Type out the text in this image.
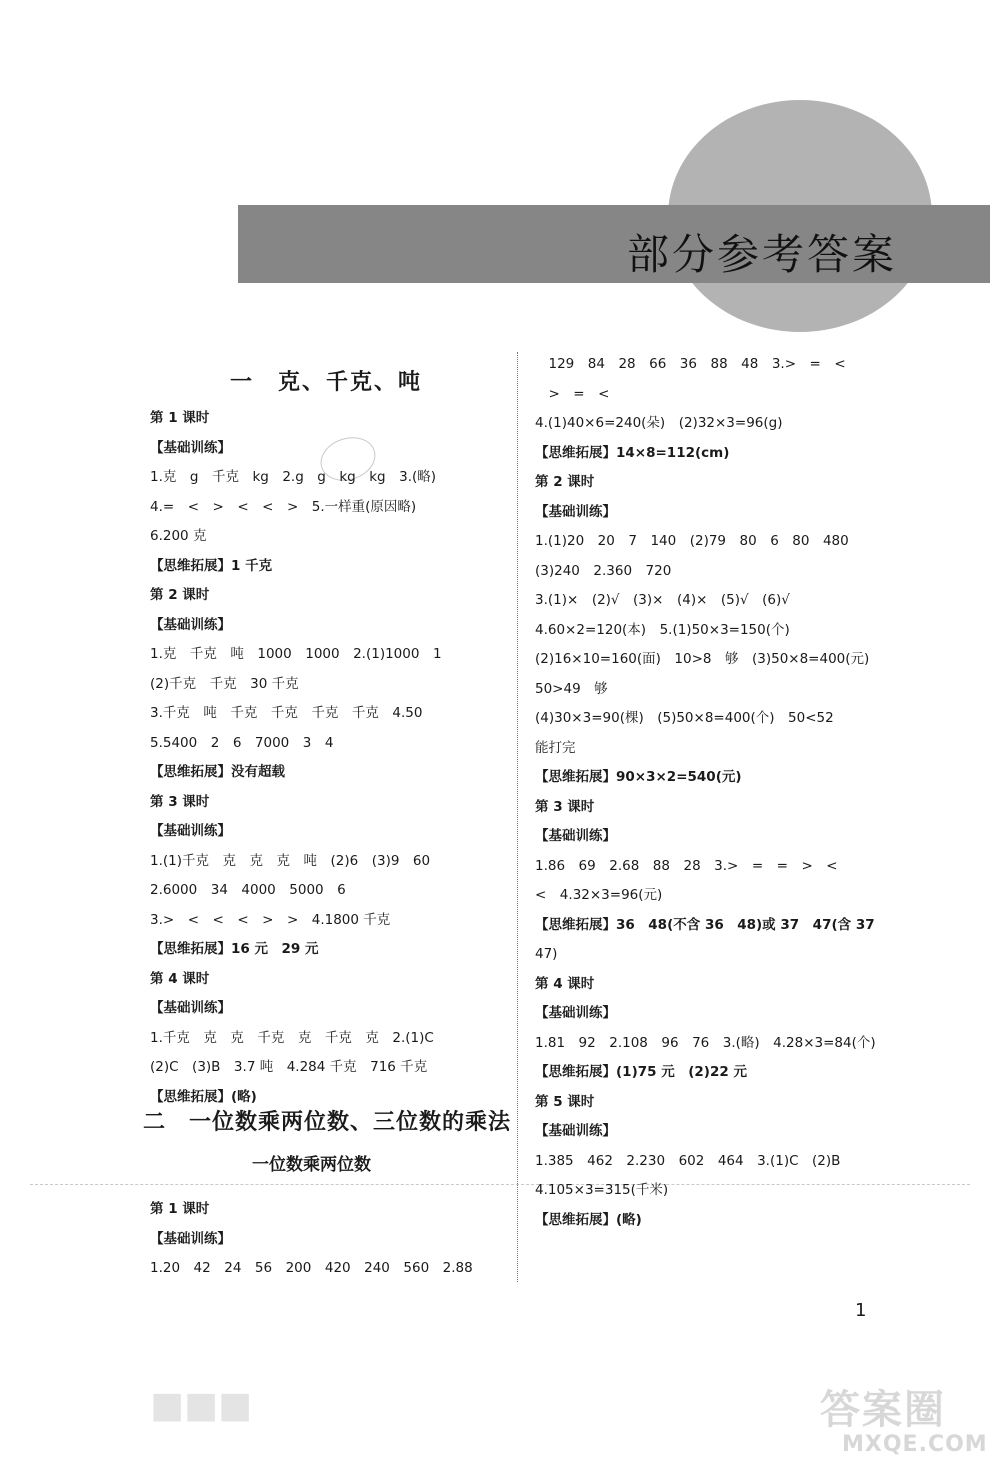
部分参考答案
一　克、千克、吨
第 1 课时
【基础训练】
1.克　g　千克　kg　2.g　g　kg　kg　3.(略)
4.=　<　>　<　<　>　5.一样重(原因略)
6.200 克
【思维拓展】1 千克
第 2 课时
【基础训练】
1.克　千克　吨　1000　1000　2.(1)1000　1
(2)千克　千克　30 千克
3.千克　吨　千克　千克　千克　千克　4.50
5.5400　2　6　7000　3　4
【思维拓展】没有超载
第 3 课时
【基础训练】
1.(1)千克　克　克　克　吨　(2)6　(3)9　60
2.6000　34　4000　5000　6
3.>　<　<　<　>　>　4.1800 千克
【思维拓展】16 元　29 元
第 4 课时
【基础训练】
1.千克　克　克　千克　克　千克　克　2.(1)C
(2)C　(3)B　3.7 吨　4.284 千克　716 千克
【思维拓展】(略)
二　一位数乘两位数、三位数的乘法
一位数乘两位数
第 1 课时
【基础训练】
1.20　42　24　56　200　420　240　560　2.88
　129　84　28　66　36　88　48　3.>　=　<
　>　=　<
4.(1)40×6=240(朵)　(2)32×3=96(g)
【思维拓展】14×8=112(cm)
第 2 课时
【基础训练】
1.(1)20　20　7　140　(2)79　80　6　80　480
(3)240　2.360　720
3.(1)×　(2)√　(3)×　(4)×　(5)√　(6)√
4.60×2=120(本)　5.(1)50×3=150(个)
(2)16×10=160(面)　10>8　够　(3)50×8=400(元)
50>49　够
(4)30×3=90(棵)　(5)50×8=400(个)　50<52
能打完
【思维拓展】90×3×2=540(元)
第 3 课时
【基础训练】
1.86　69　2.68　88　28　3.>　=　=　>　<
<　4.32×3=96(元)
【思维拓展】36　48(不含 36　48)或 37　47(含 37
47)
第 4 课时
【基础训练】
1.81　92　2.108　96　76　3.(略)　4.28×3=84(个)
【思维拓展】(1)75 元　(2)22 元
第 5 课时
【基础训练】
1.385　462　2.230　602　464　3.(1)C　(2)B
4.105×3=315(千米)
【思维拓展】(略)
1
■■■	答案圈
MXQE.COM
